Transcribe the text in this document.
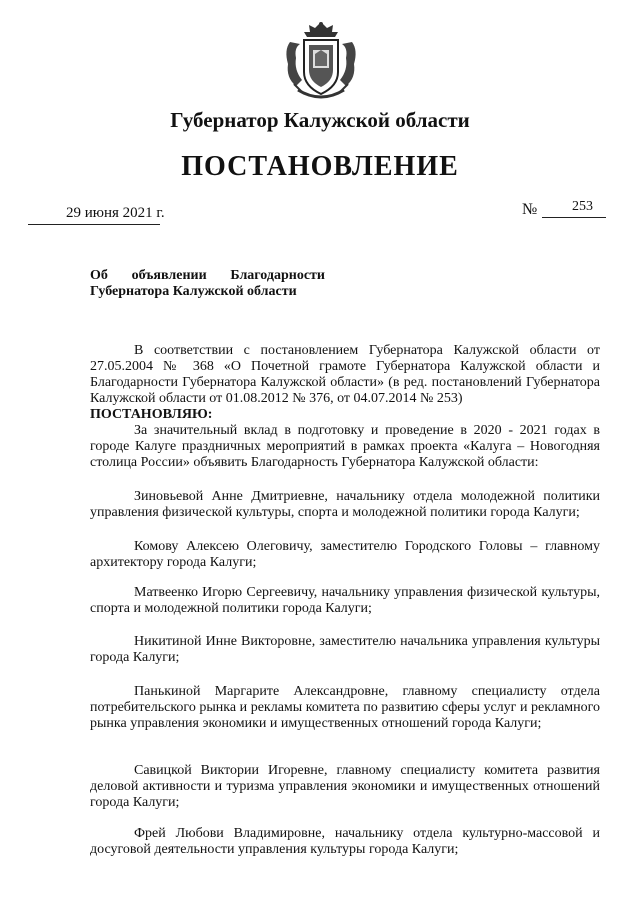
Губернатор Калужской области
ПОСТАНОВЛЕНИЕ
29 июня 2021 г.	№ 253
Об объявлении Благодарности
Губернатора Калужской области

В соответствии с постановлением Губернатора Калужской области от 27.05.2004 № 368 «О Почетной грамоте Губернатора Калужской области и Благодарности Губернатора Калужской области» (в ред. постановлений Губернатора Калужской области от 01.08.2012 № 376, от 04.07.2014 № 253)

ПОСТАНОВЛЯЮ:

За значительный вклад в подготовку и проведение в 2020 - 2021 годах в городе Калуге праздничных мероприятий в рамках проекта «Калуга – Новогодняя столица России» объявить Благодарность Губернатора Калужской области:

Зиновьевой Анне Дмитриевне, начальнику отдела молодежной политики управления физической культуры, спорта и молодежной политики города Калуги;
Комову Алексею Олеговичу, заместителю Городского Головы – главному архитектору города Калуги;
Матвеенко Игорю Сергеевичу, начальнику управления физической культуры, спорта и молодежной политики города Калуги;
Никитиной Инне Викторовне, заместителю начальника управления культуры города Калуги;
Панькиной Маргарите Александровне, главному специалисту отдела потребительского рынка и рекламы комитета по развитию сферы услуг и рекламного рынка управления экономики и имущественных отношений города Калуги;
Савицкой Виктории Игоревне, главному специалисту комитета развития деловой активности и туризма управления экономики и имущественных отношений города Калуги;
Фрей Любови Владимировне, начальнику отдела культурно-массовой и досуговой деятельности управления культуры города Калуги;
